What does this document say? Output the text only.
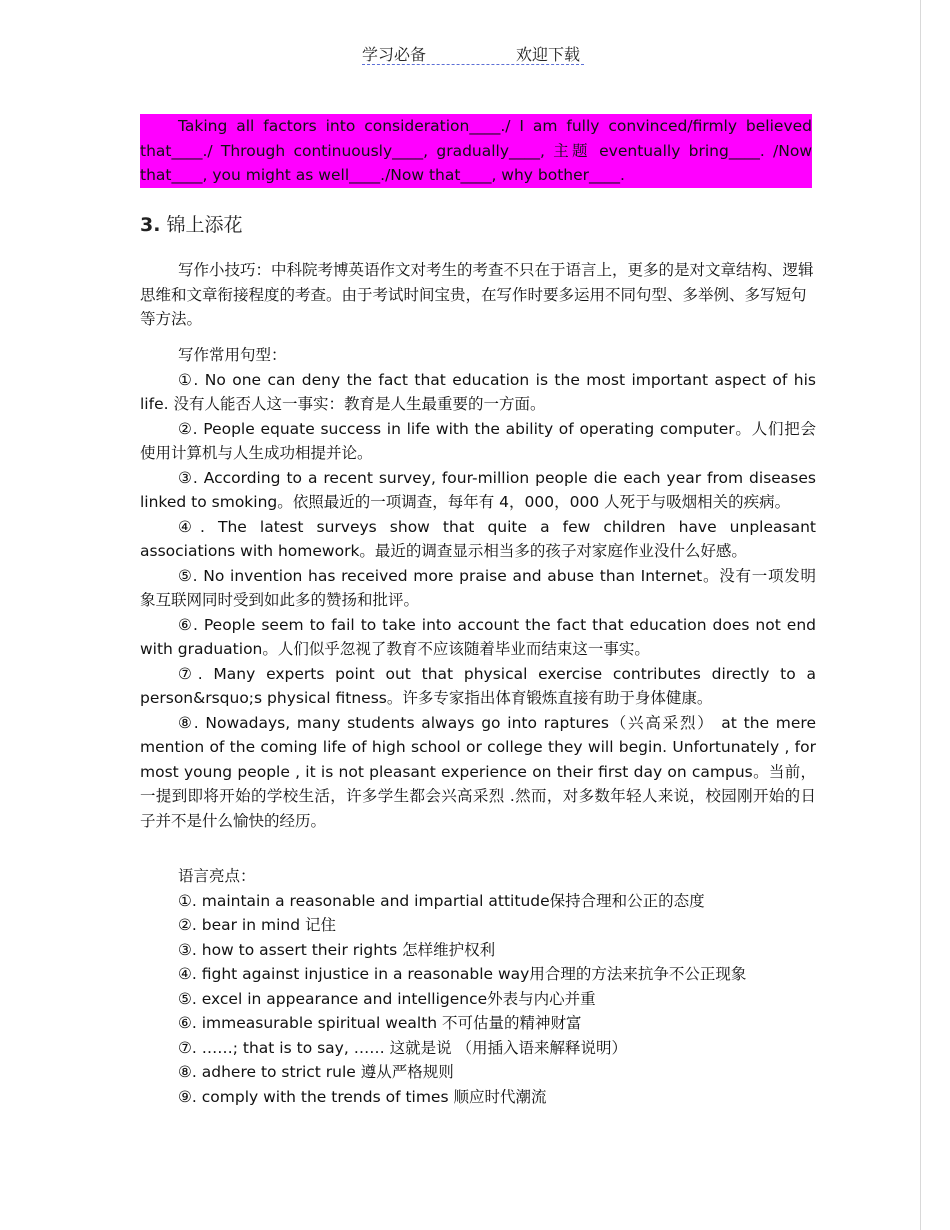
学习必备	欢迎下载
Taking all factors into consideration____./ I am fully convinced/firmly believed that____./ Through continuously____, gradually____, 主题 eventually bring____. /Now that____, you might as well____./Now that____, why bother____.
3. 锦上添花
写作小技巧：中科院考博英语作文对考生的考查不只在于语言上，更多的是对文章结构、逻辑思维和文章衔接程度的考查。由于考试时间宝贵，在写作时要多运用不同句型、多举例、多写短句等方法。
写作常用句型：
①. No one can deny the fact that education is the most important aspect of his life. 没有人能否人这一事实：教育是人生最重要的一方面。
②. People equate success in life with the ability of operating computer。人们把会使用计算机与人生成功相提并论。
③. According to a recent survey, four-million people die each year from diseases linked to smoking。依照最近的一项调查，每年有 4，000，000 人死于与吸烟相关的疾病。
④. The latest surveys show that quite a few children have unpleasant associations with homework。最近的调查显示相当多的孩子对家庭作业没什么好感。
⑤. No invention has received more praise and abuse than Internet。没有一项发明象互联网同时受到如此多的赞扬和批评。
⑥. People seem to fail to take into account the fact that education does not end with graduation。人们似乎忽视了教育不应该随着毕业而结束这一事实。
⑦. Many experts point out that physical exercise contributes directly to a person&rsquo;s physical fitness。许多专家指出体育锻炼直接有助于身体健康。
⑧. Nowadays, many students always go into raptures（兴高采烈） at the mere mention of the coming life of high school or college they will begin. Unfortunately , for most young people , it is not pleasant experience on their first day on campus。当前，一提到即将开始的学校生活，许多学生都会兴高采烈 .然而，对多数年轻人来说，校园刚开始的日子并不是什么愉快的经历。
语言亮点：
①. maintain a reasonable and impartial attitude保持合理和公正的态度
②. bear in mind 记住
③. how to assert their rights 怎样维护权利
④. fight against injustice in a reasonable way用合理的方法来抗争不公正现象
⑤. excel in appearance and intelligence外表与内心并重
⑥. immeasurable spiritual wealth 不可估量的精神财富
⑦. ……; that is to say, …… 这就是说 （用插入语来解释说明）
⑧. adhere to strict rule 遵从严格规则
⑨. comply with the trends of times 顺应时代潮流
